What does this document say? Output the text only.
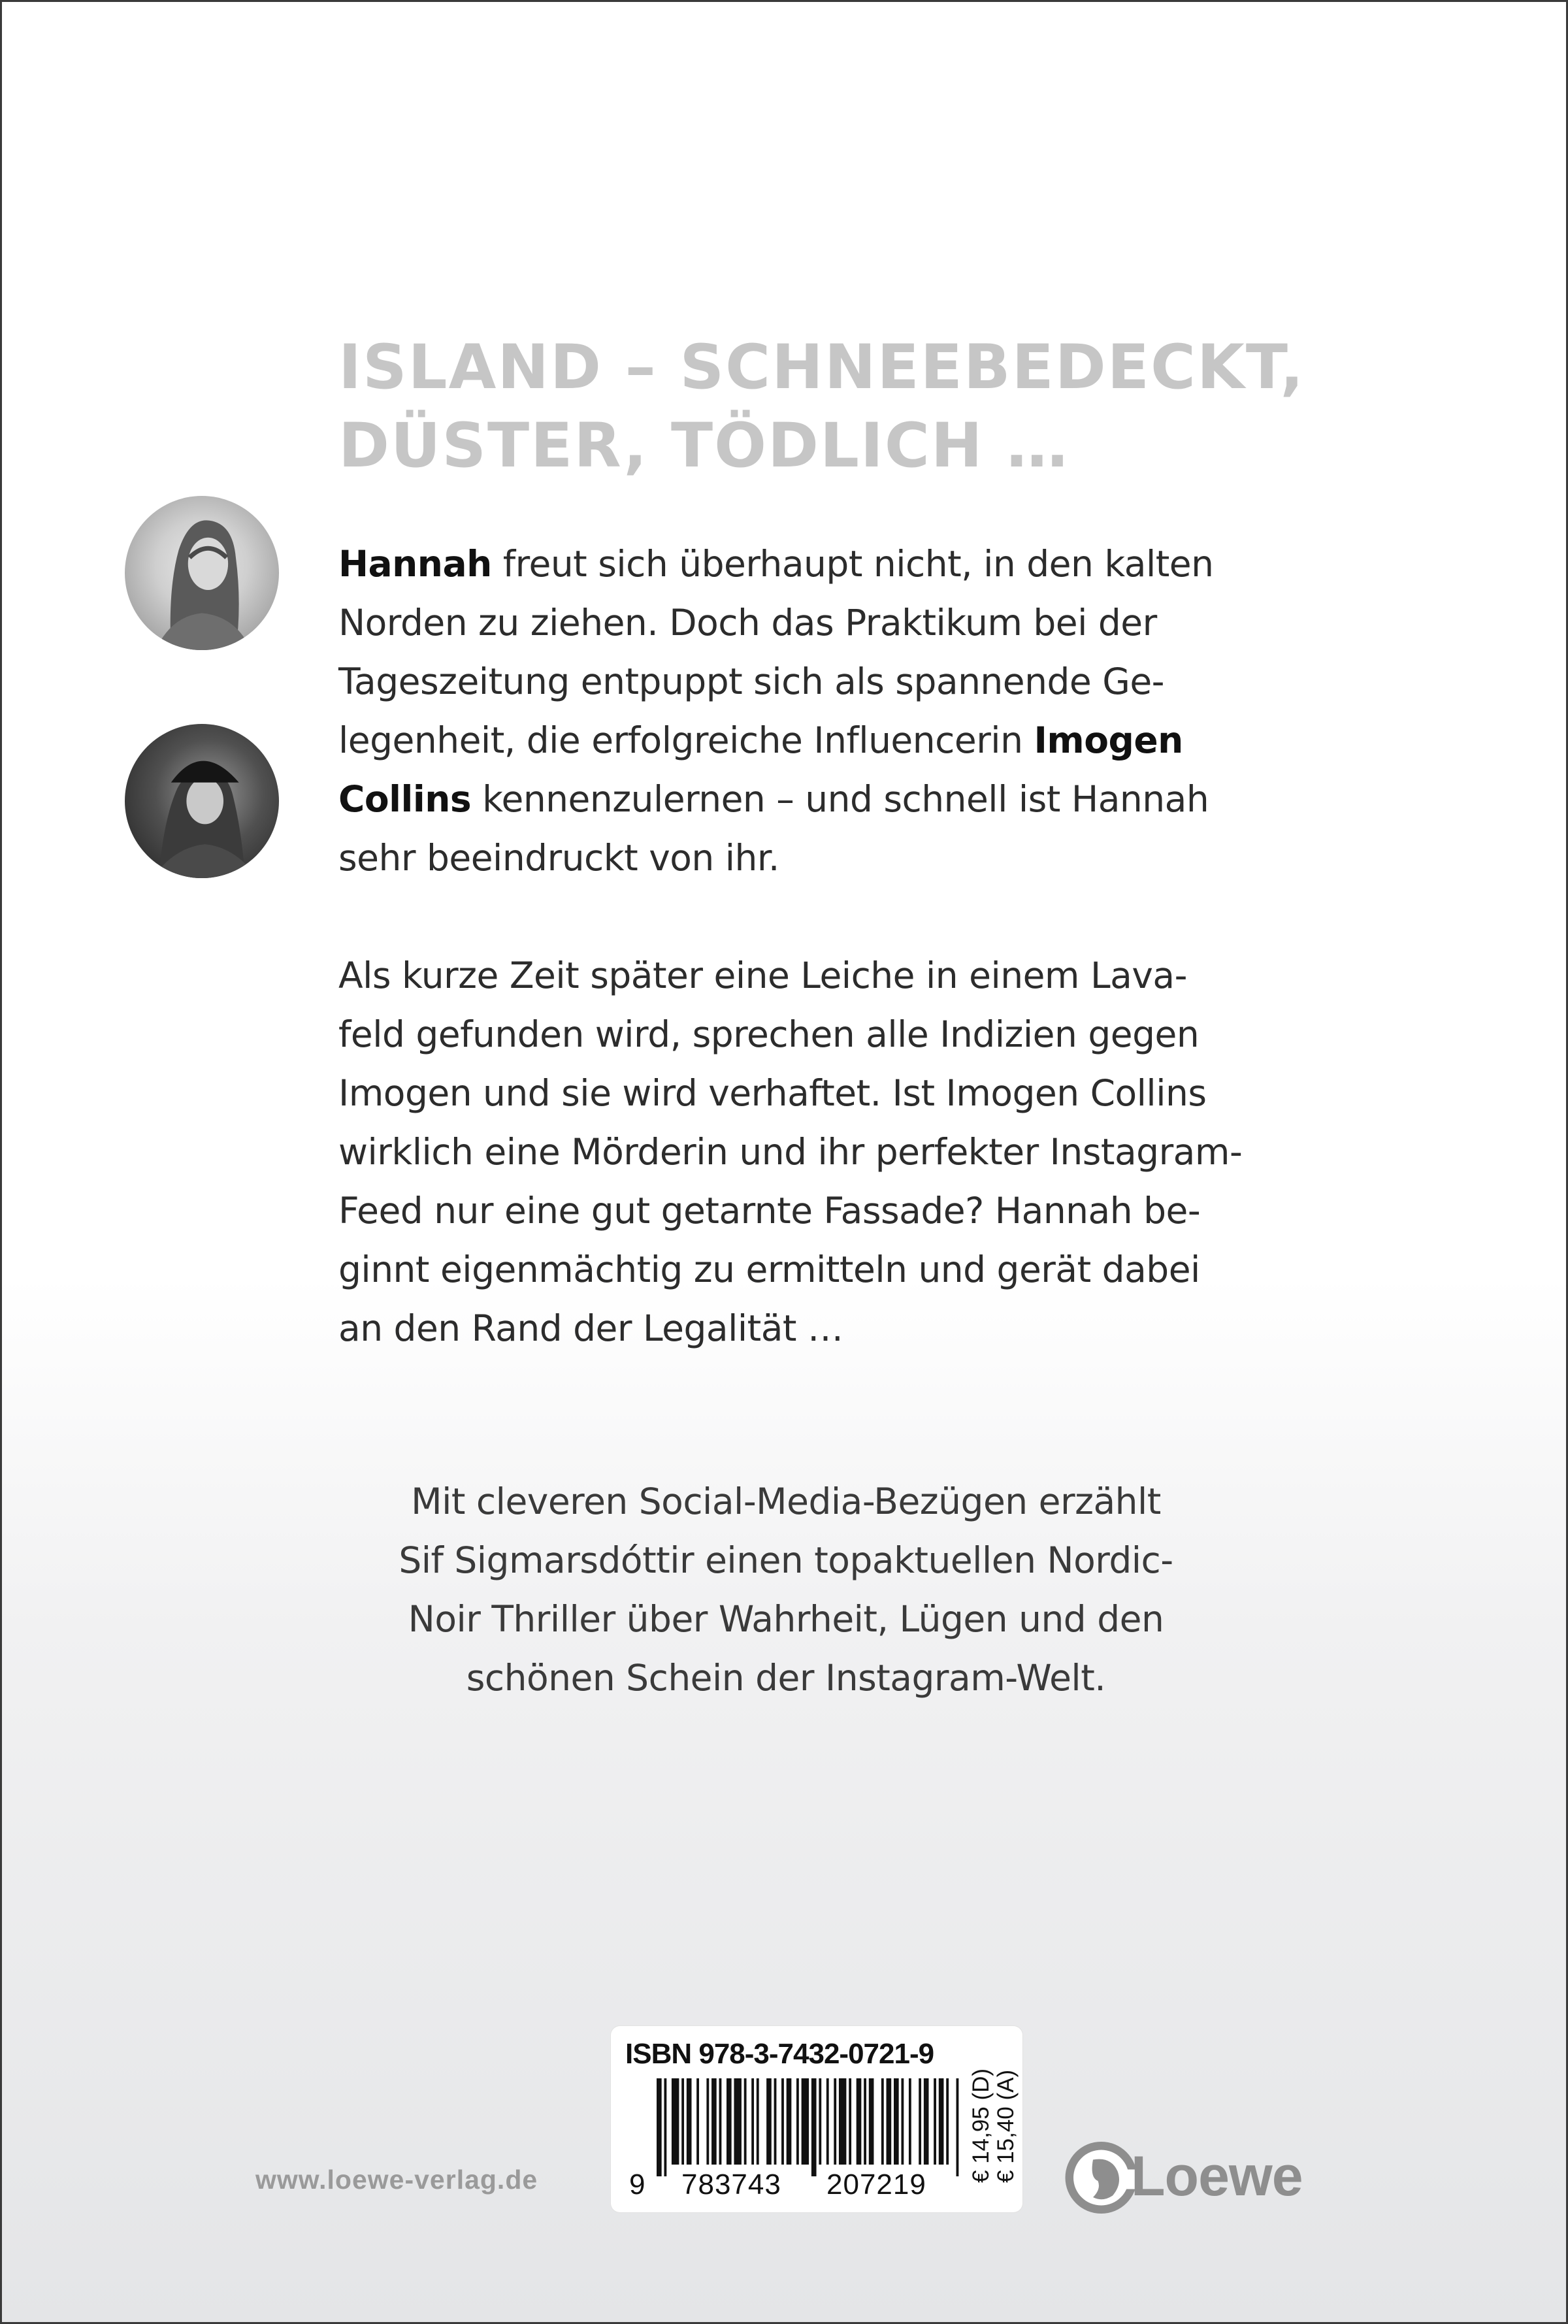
ISLAND – SCHNEEBEDECKT,
DÜSTER, TÖDLICH …

Hannah freut sich überhaupt nicht, in den kalten
Norden zu ziehen. Doch das Praktikum bei der
Tageszeitung entpuppt sich als spannende Ge-
legenheit, die erfolgreiche Influencerin Imogen
Collins kennenzulernen – und schnell ist Hannah
sehr beeindruckt von ihr.

Als kurze Zeit später eine Leiche in einem Lava-
feld gefunden wird, sprechen alle Indizien gegen
Imogen und sie wird verhaftet. Ist Imogen Collins
wirklich eine Mörderin und ihr perfekter Instagram-
Feed nur eine gut getarnte Fassade? Hannah be-
ginnt eigenmächtig zu ermitteln und gerät dabei
an den Rand der Legalität …

Mit cleveren Social-Media-Bezügen erzählt
Sif Sigmarsdóttir einen topaktuellen Nordic-
Noir Thriller über Wahrheit, Lügen und den
schönen Schein der Instagram-Welt.

www.loewe-verlag.de

ISBN 978-3-7432-0721-9

9 783743 207219

€ 14,95 (D) € 15,40 (A) Loewe
